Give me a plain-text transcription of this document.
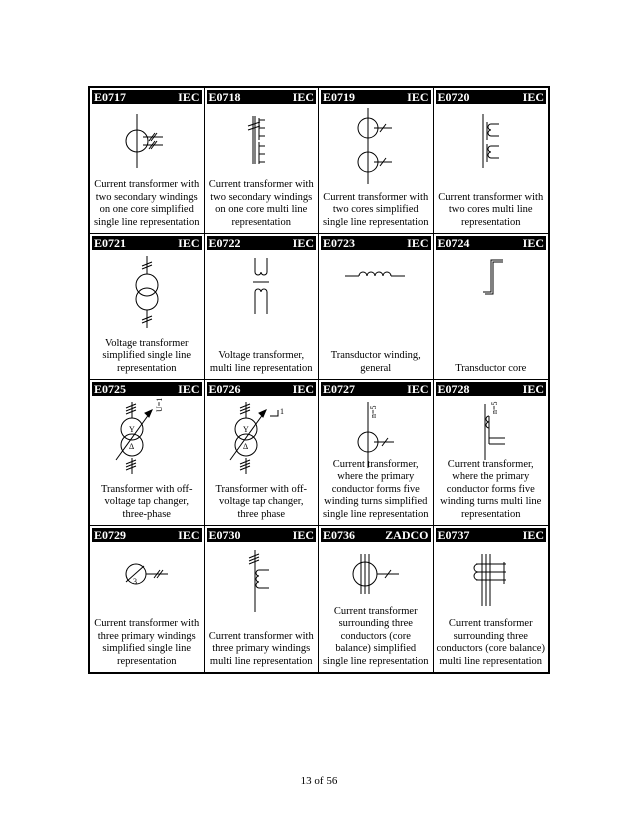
E0717	IEC
Current transformer with two secondary windings on one core simplified single line representation
E0718	IEC
Current transformer with two secondary windings on one core multi line representation
E0719	IEC
Current transformer with two cores simplified single line representation
E0720	IEC
Current transformer with two cores multi line representation
E0721	IEC
Voltage transformer simplified single line representation
E0722	IEC
Voltage transformer, multi line representation
E0723	IEC
Transductor winding, general
E0724	IEC
Transductor core
E0725	IEC
Y
Δ
U=1
Transformer with off-voltage tap changer, three-phase
E0726	IEC
Y
Δ
1
Transformer with off-voltage tap changer, three phase
E0727	IEC
n=5
Current transformer, where the primary conductor forms five winding turns simplified single line representation
E0728	IEC
n=5
Current transformer, where the primary conductor forms five winding turns multi line representation
E0729	IEC
3
Current transformer with three primary windings simplified single line representation
E0730	IEC
Current transformer with three primary windings multi line representation
E0736	ZADCO
Current transformer surrounding three conductors (core balance) simplified single line representation
E0737	IEC
Current transformer surrounding three conductors (core balance) multi line representation
13 of 56
